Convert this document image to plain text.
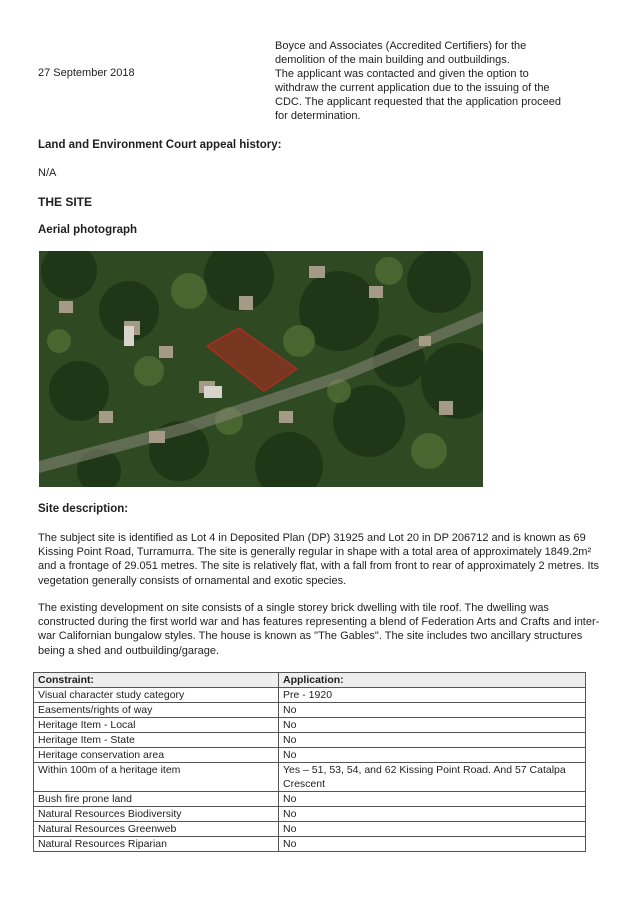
27 September 2018
Boyce and Associates (Accredited Certifiers) for the
demolition of the main building and outbuildings.
The applicant was contacted and given the option to
withdraw the current application due to the issuing of the
CDC. The applicant requested that the application proceed
for determination.
Land and Environment Court appeal history:
N/A
THE SITE
Aerial photograph
Site description:
The subject site is identified as Lot 4 in Deposited Plan (DP) 31925 and Lot 20 in DP 206712 and is known as 69 Kissing Point Road, Turramurra. The site is generally regular in shape with a total area of approximately 1849.2m² and a frontage of 29.051 metres. The site is relatively flat, with a fall from front to rear of approximately 2 metres. Its vegetation generally consists of ornamental and exotic species.
The existing development on site consists of a single storey brick dwelling with tile roof. The dwelling was constructed during the first world war and has features representing a blend of Federation Arts and Crafts and inter-war Californian bungalow styles. The house is known as "The Gables". The site includes two ancillary structures being a shed and outbuilding/garage.
Constraint:	Application:
Visual character study category	Pre - 1920
Easements/rights of way	No
Heritage Item - Local	No
Heritage Item - State	No
Heritage conservation area	No
Within 100m of a heritage item	Yes – 51, 53, 54, and 62 Kissing Point Road. And 57 Catalpa Crescent
Bush fire prone land	No
Natural Resources Biodiversity	No
Natural Resources Greenweb	No
Natural Resources Riparian	No
